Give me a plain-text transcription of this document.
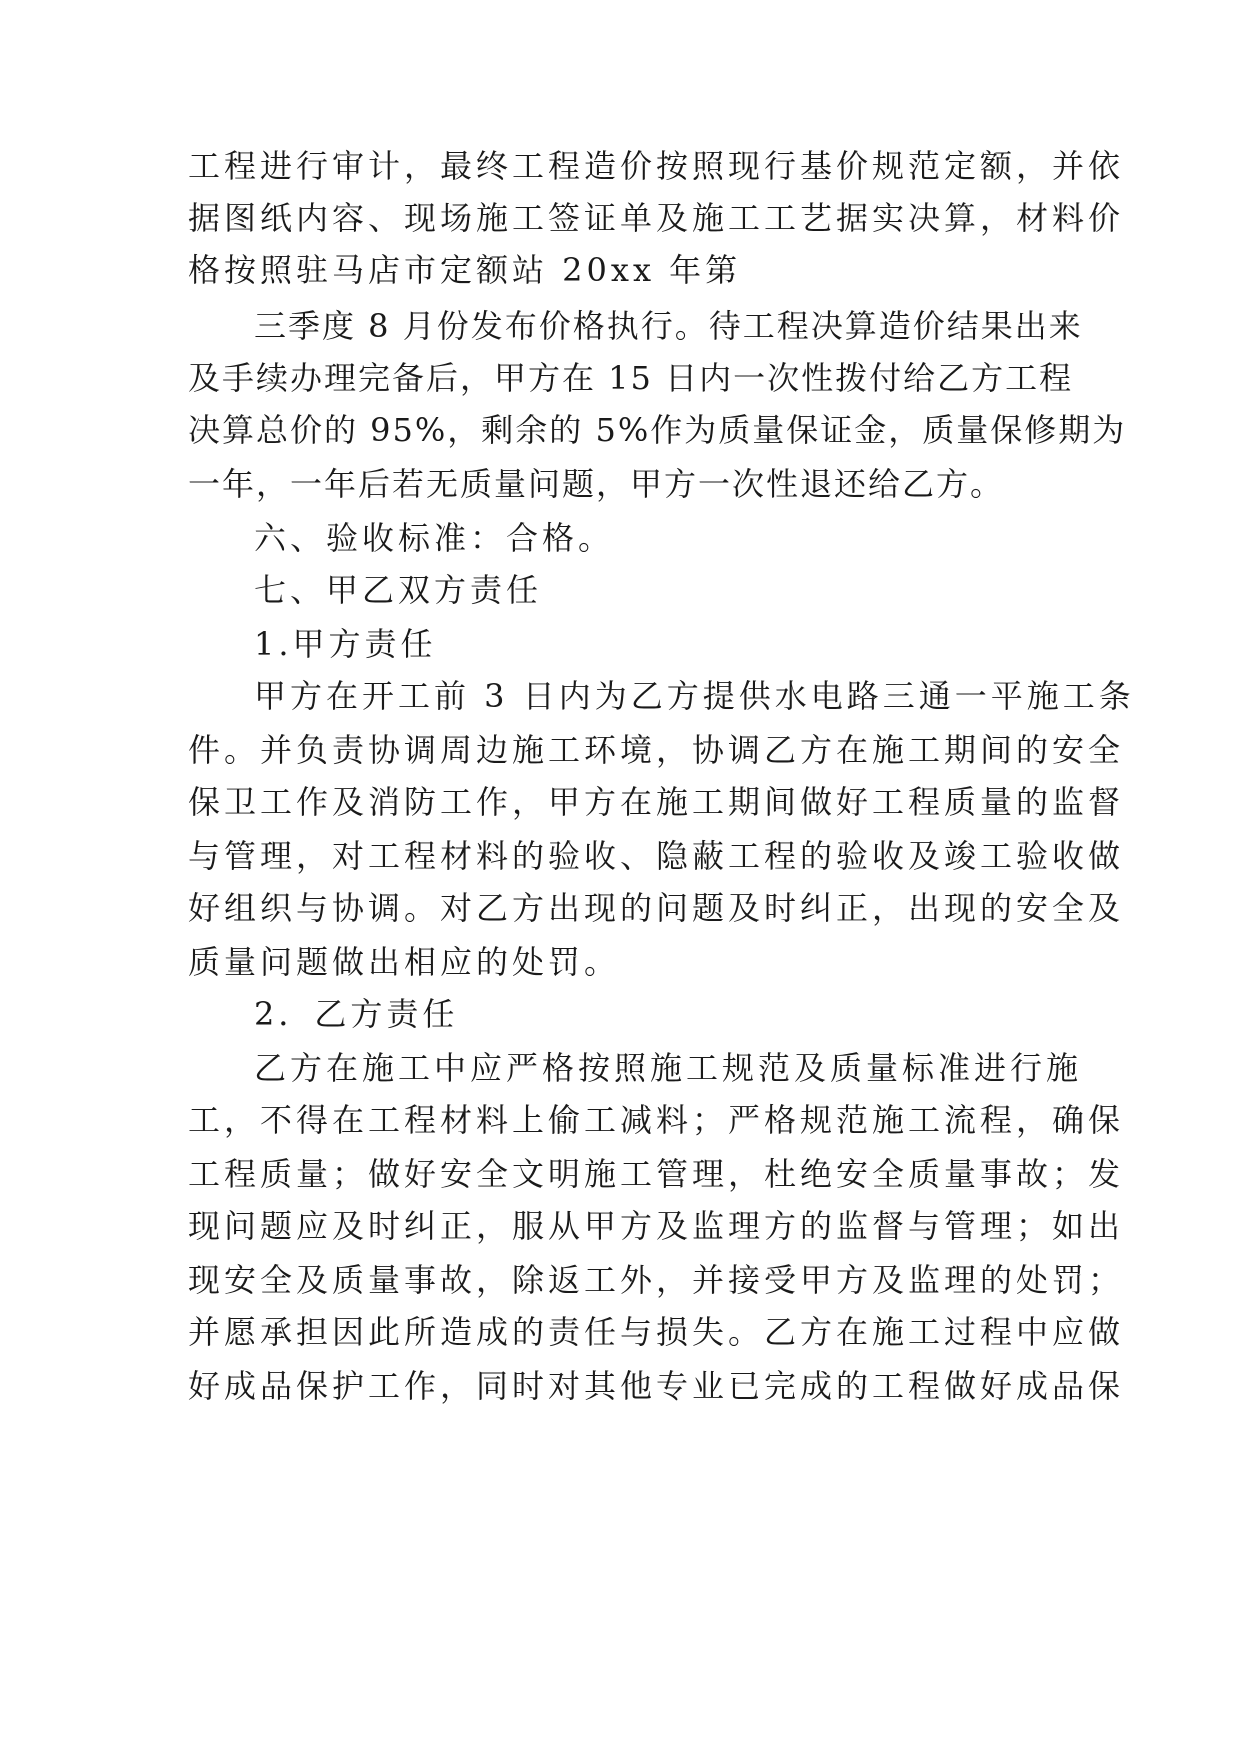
工程进行审计，最终工程造价按照现行基价规范定额，并依
据图纸内容、现场施工签证单及施工工艺据实决算，材料价
格按照驻马店市定额站 20xx 年第
三季度 8 月份发布价格执行。待工程决算造价结果出来
及手续办理完备后，甲方在 15 日内一次性拨付给乙方工程
决算总价的 95%，剩余的 5%作为质量保证金，质量保修期为
一年，一年后若无质量问题，甲方一次性退还给乙方。
六、验收标准：合格。
七、甲乙双方责任
1.甲方责任
甲方在开工前 3 日内为乙方提供水电路三通一平施工条
件。并负责协调周边施工环境，协调乙方在施工期间的安全
保卫工作及消防工作，甲方在施工期间做好工程质量的监督
与管理，对工程材料的验收、隐蔽工程的验收及竣工验收做
好组织与协调。对乙方出现的问题及时纠正，出现的安全及
质量问题做出相应的处罚。
2．乙方责任
乙方在施工中应严格按照施工规范及质量标准进行施
工，不得在工程材料上偷工减料；严格规范施工流程，确保
工程质量；做好安全文明施工管理，杜绝安全质量事故；发
现问题应及时纠正，服从甲方及监理方的监督与管理；如出
现安全及质量事故，除返工外，并接受甲方及监理的处罚；
并愿承担因此所造成的责任与损失。乙方在施工过程中应做
好成品保护工作，同时对其他专业已完成的工程做好成品保
